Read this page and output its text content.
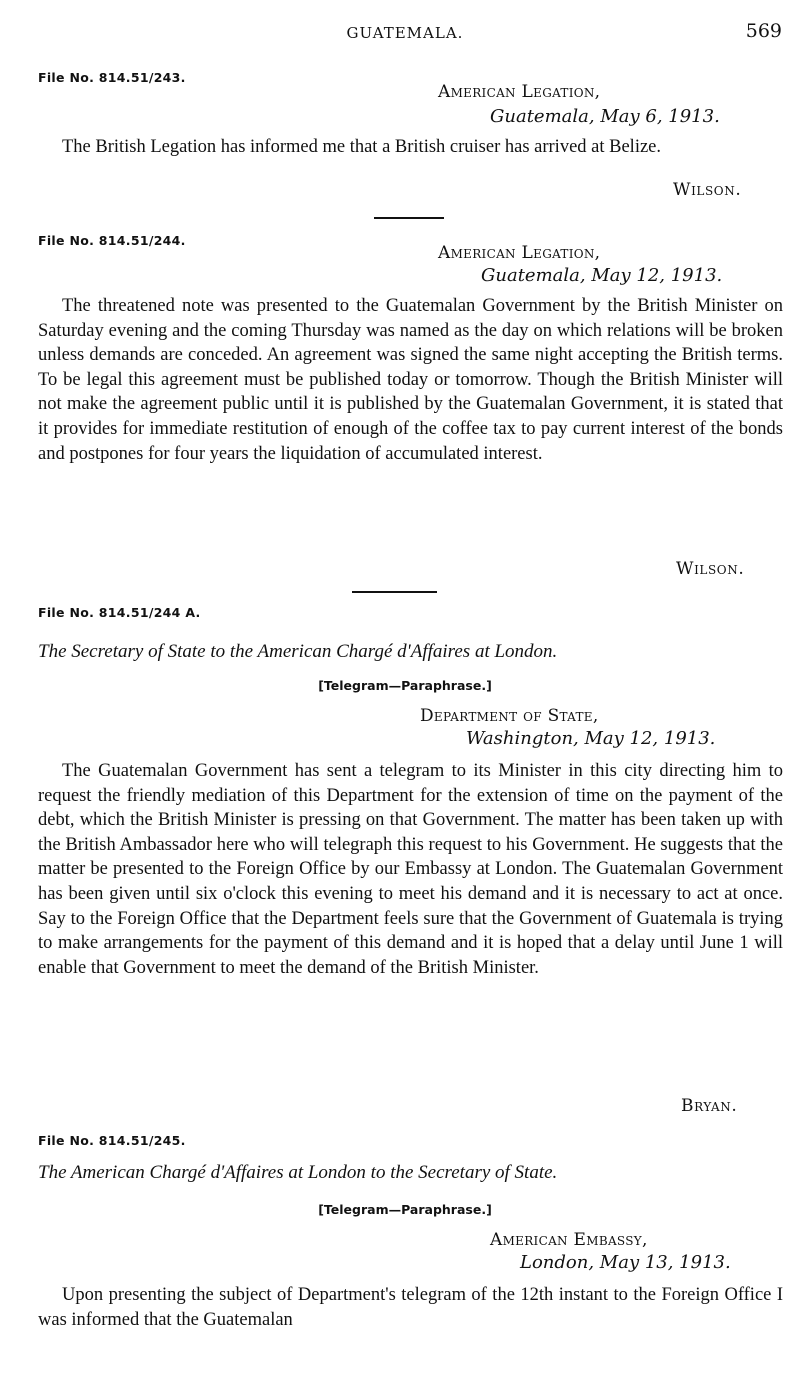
GUATEMALA.	569
File No. 814.51/243.
American Legation,
Guatemala, May 6, 1913.
The British Legation has informed me that a British cruiser has arrived at Belize.
Wilson.
File No. 814.51/244.
American Legation,
Guatemala, May 12, 1913.
The threatened note was presented to the Guatemalan Government by the British Minister on Saturday evening and the coming Thursday was named as the day on which relations will be broken unless demands are conceded. An agreement was signed the same night accepting the British terms. To be legal this agreement must be published today or tomorrow. Though the British Minister will not make the agreement public until it is published by the Guatemalan Government, it is stated that it provides for immediate restitution of enough of the coffee tax to pay current interest of the bonds and postpones for four years the liquidation of accumulated interest.
Wilson.
File No. 814.51/244 A.
The Secretary of State to the American Chargé d'Affaires at London.
[Telegram—Paraphrase.]
Department of State,
Washington, May 12, 1913.
The Guatemalan Government has sent a telegram to its Minister in this city directing him to request the friendly mediation of this Department for the extension of time on the payment of the debt, which the British Minister is pressing on that Government. The matter has been taken up with the British Ambassador here who will telegraph this request to his Government. He suggests that the matter be presented to the Foreign Office by our Embassy at London. The Guatemalan Government has been given until six o'clock this evening to meet his demand and it is necessary to act at once. Say to the Foreign Office that the Department feels sure that the Government of Guatemala is trying to make arrangements for the payment of this demand and it is hoped that a delay until June 1 will enable that Government to meet the demand of the British Minister.
Bryan.
File No. 814.51/245.
The American Chargé d'Affaires at London to the Secretary of State.
[Telegram—Paraphrase.]
American Embassy,
London, May 13, 1913.
Upon presenting the subject of Department's telegram of the 12th instant to the Foreign Office I was informed that the Guatemalan
